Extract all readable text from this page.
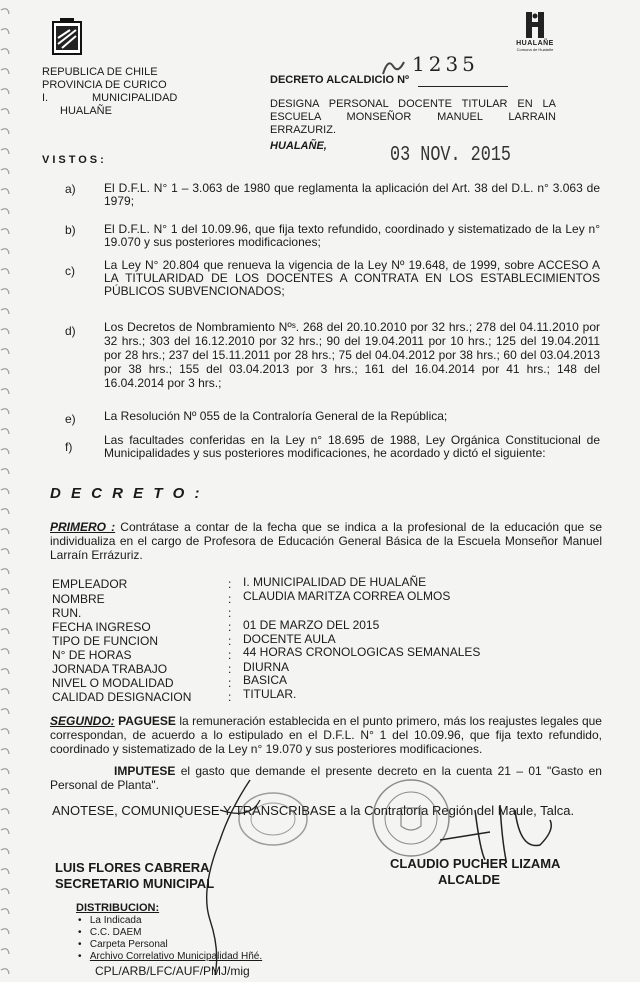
HUALAÑE
Comuna de Hualañe
REPUBLICA DE CHILE
PROVINCIA DE CURICO
I.	MUNICIPALIDAD
HUALAÑE
DECRETO ALCALDICIO Nº
1235
DESIGNA PERSONAL DOCENTE TITULAR EN LA ESCUELA MONSEÑOR MANUEL LARRAIN ERRAZURIZ.
HUALAÑE,	03 NOV. 2015
VISTOS:
a) El D.F.L. N° 1 – 3.063 de 1980 que reglamenta la aplicación del Art. 38 del D.L. n° 3.063 de 1979;
b) El D.F.L. N° 1 del 10.09.96, que fija texto refundido, coordinado y sistematizado de la Ley n° 19.070 y sus posteriores modificaciones;
c) La Ley N° 20.804 que renueva la vigencia de la Ley Nº 19.648, de 1999, sobre ACCESO A LA TITULARIDAD DE LOS DOCENTES A CONTRATA EN LOS ESTABLECIMIENTOS PÚBLICOS SUBVENCIONADOS;
d) Los Decretos de Nombramiento Nºˢ. 268 del 20.10.2010 por 32 hrs.; 278 del 04.11.2010 por 32 hrs.; 303 del 16.12.2010 por 32 hrs.; 90 del 19.04.2011 por 10 hrs.; 125 del 19.04.2011 por 28 hrs.; 237 del 15.11.2011 por 28 hrs.; 75 del 04.04.2012 por 38 hrs.; 60 del 03.04.2013 por 38 hrs.; 155 del 03.04.2013 por 3 hrs.; 161 del 16.04.2014 por 41 hrs.; 148 del 16.04.2014 por 3 hrs.;
e) La Resolución Nº 055 de la Contraloría General de la República;
f)	Las facultades conferidas en la Ley n° 18.695 de 1988, Ley Orgánica Constitucional de Municipalidades y sus posteriores modificaciones, he acordado y dictó el siguiente:
D E C R E T O :
PRIMERO : Contrátase a contar de la fecha que se indica a la profesional de la educación que se individualiza en el cargo de Profesora de Educación General Básica de la Escuela Monseñor Manuel Larraín Errázuriz.
EMPLEADOR	: I. MUNICIPALIDAD DE HUALAÑE
NOMBRE	: CLAUDIA MARITZA CORREA OLMOS
RUN.	:
FECHA INGRESO	: 01 DE MARZO DEL 2015
TIPO DE FUNCION	: DOCENTE AULA
N° DE HORAS	: 44 HORAS CRONOLOGICAS SEMANALES
JORNADA TRABAJO	: DIURNA
NIVEL O MODALIDAD	: BASICA
CALIDAD DESIGNACION	: TITULAR.
SEGUNDO: PAGUESE la remuneración establecida en el punto primero, más los reajustes legales que correspondan, de acuerdo a lo estipulado en el D.F.L. N° 1 del 10.09.96, que fija texto refundido, coordinado y sistematizado de la Ley n° 19.070 y sus posteriores modificaciones.
IMPUTESE el gasto que demande el presente decreto en la cuenta 21 – 01 "Gasto en Personal de Planta".
ANOTESE, COMUNIQUESE Y TRANSCRIBASE a la Contraloría Región del Maule, Talca.
LUIS FLORES CABRERA
SECRETARIO MUNICIPAL
CLAUDIO PUCHER LIZAMA
ALCALDE
DISTRIBUCION:
•   La Indicada
•   C.C. DAEM
•   Carpeta Personal
•   Archivo Correlativo Municipalidad Hñé.
CPL/ARB/LFC/AUF/PMJ/mig
